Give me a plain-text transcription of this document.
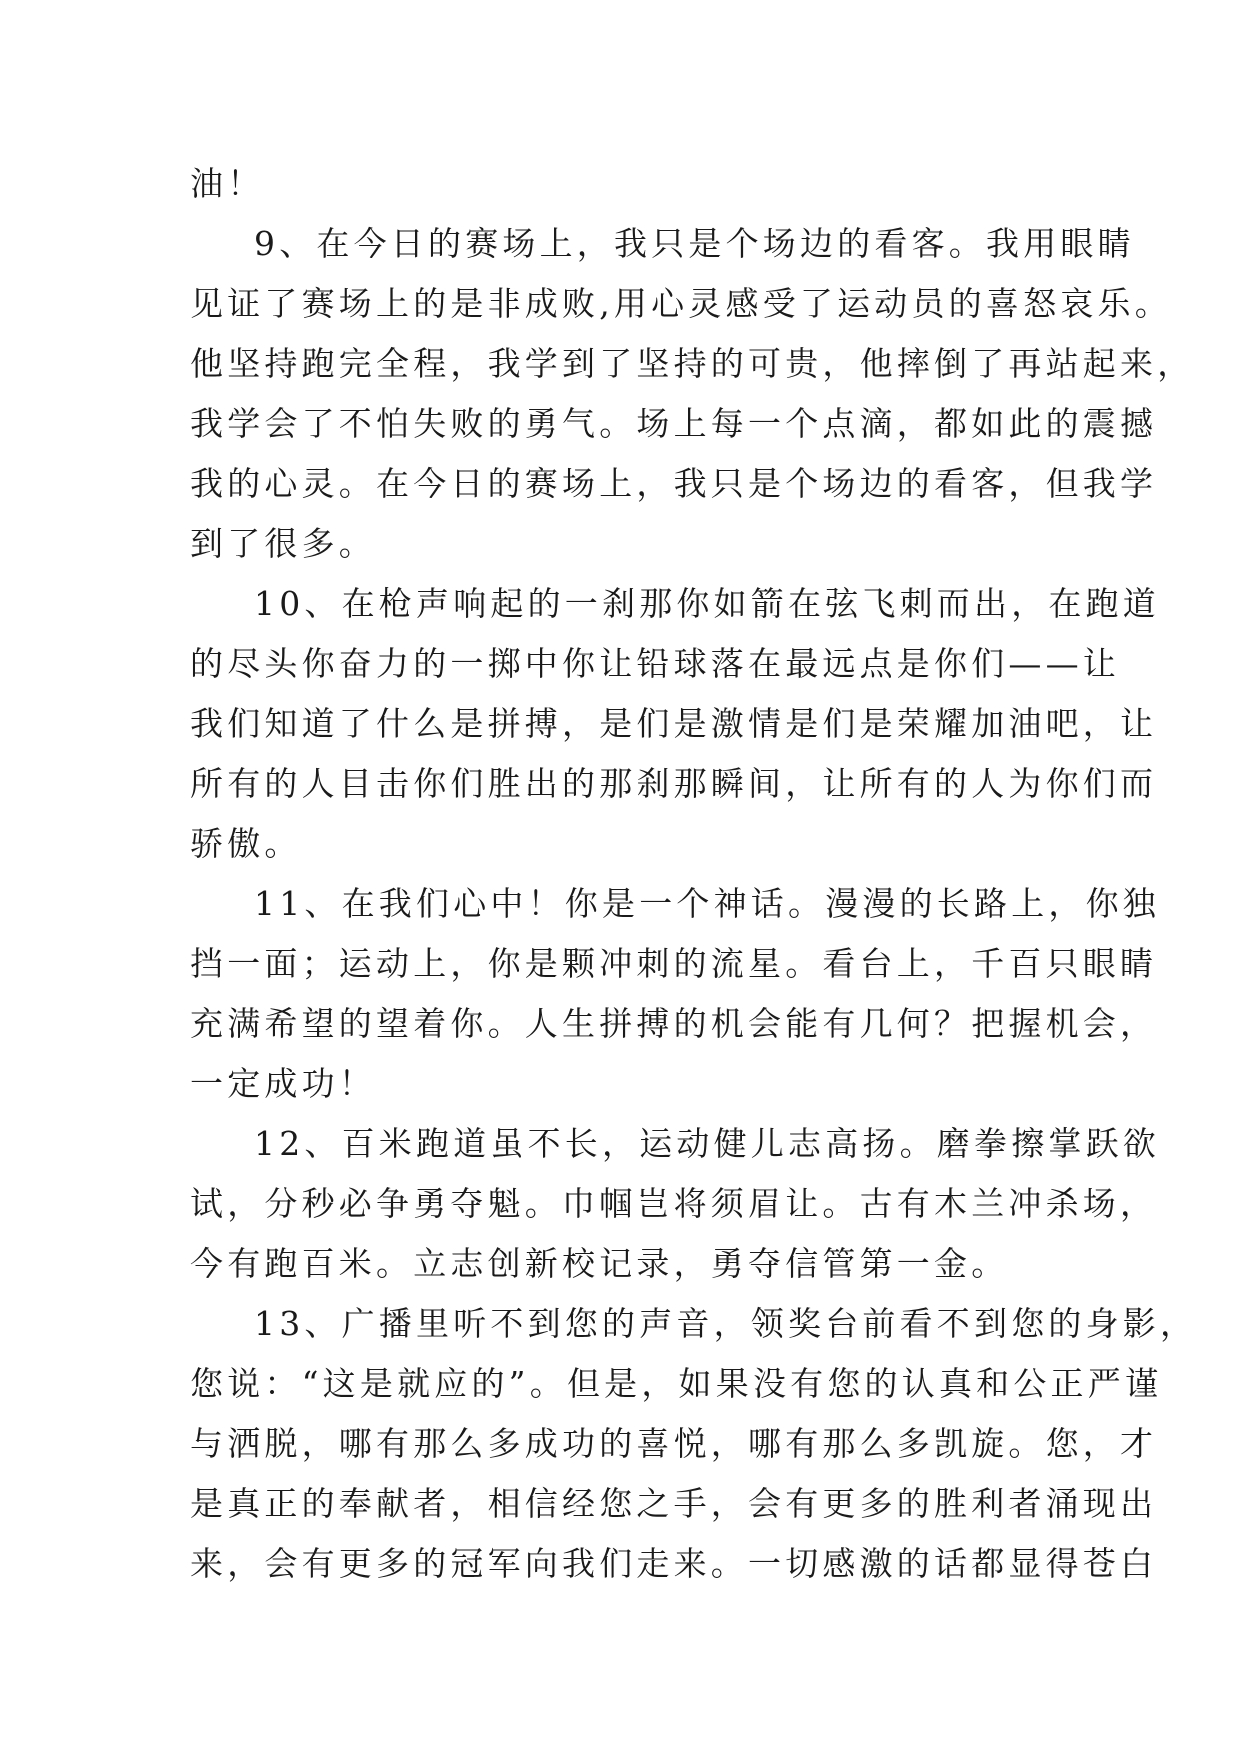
油！
9、在今日的赛场上，我只是个场边的看客。我用眼睛
见证了赛场上的是非成败,用心灵感受了运动员的喜怒哀乐。
他坚持跑完全程，我学到了坚持的可贵，他摔倒了再站起来，
我学会了不怕失败的勇气。场上每一个点滴，都如此的震撼
我的心灵。在今日的赛场上，我只是个场边的看客，但我学
到了很多。
10、在枪声响起的一刹那你如箭在弦飞刺而出，在跑道
的尽头你奋力的一掷中你让铅球落在最远点是你们——让
我们知道了什么是拼搏，是们是激情是们是荣耀加油吧，让
所有的人目击你们胜出的那刹那瞬间，让所有的人为你们而
骄傲。
11、在我们心中！你是一个神话。漫漫的长路上，你独
挡一面；运动上，你是颗冲刺的流星。看台上，千百只眼睛
充满希望的望着你。人生拼搏的机会能有几何？把握机会，
一定成功！
12、百米跑道虽不长，运动健儿志高扬。磨拳擦掌跃欲
试，分秒必争勇夺魁。巾帼岂将须眉让。古有木兰冲杀场，
今有跑百米。立志创新校记录，勇夺信管第一金。
13、广播里听不到您的声音，领奖台前看不到您的身影，
您说：“这是就应的”。但是，如果没有您的认真和公正严谨
与洒脱，哪有那么多成功的喜悦，哪有那么多凯旋。您，才
是真正的奉献者，相信经您之手，会有更多的胜利者涌现出
来，会有更多的冠军向我们走来。一切感激的话都显得苍白
